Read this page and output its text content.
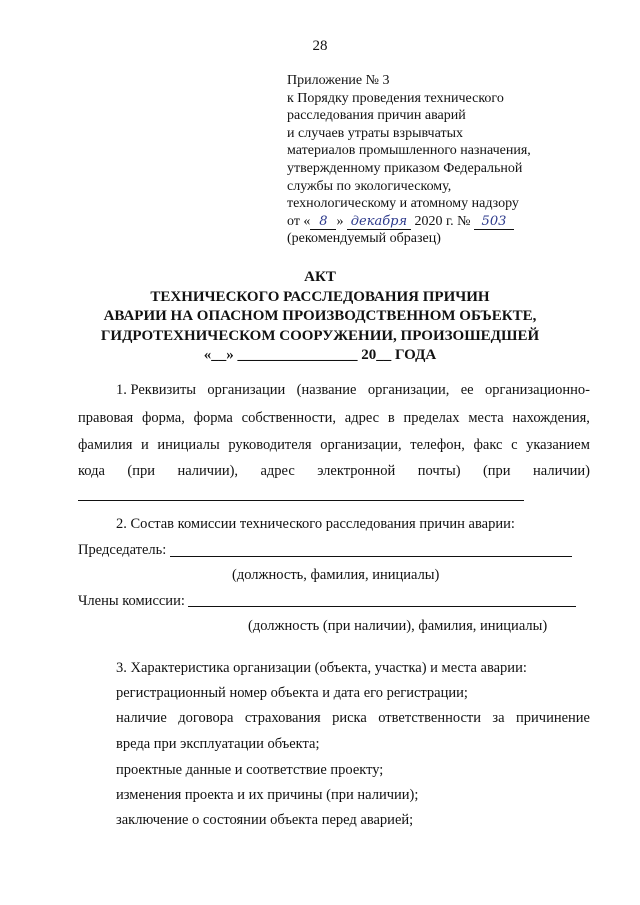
28
Приложение № 3
к Порядку проведения технического
расследования причин аварий
и случаев утраты взрывчатых
материалов промышленного назначения,
утвержденному приказом Федеральной
службы по экологическому,
технологическому и атомному надзору
от « 8 » декабря 2020 г. № 503
(рекомендуемый образец)
АКТ
ТЕХНИЧЕСКОГО РАССЛЕДОВАНИЯ ПРИЧИН
АВАРИИ НА ОПАСНОМ ПРОИЗВОДСТВЕННОМ ОБЪЕКТЕ,
ГИДРОТЕХНИЧЕСКОМ СООРУЖЕНИИ, ПРОИЗОШЕДШЕЙ
«__» ________________ 20__ ГОДА
1. Реквизиты организации (название организации, ее организационно-
правовая форма, форма собственности, адрес в пределах места нахождения,
фамилия и инициалы руководителя организации, телефон, факс с указанием
кода (при наличии), адрес электронной почты) (при наличии)
2. Состав комиссии технического расследования причин аварии:
Председатель:
(должность, фамилия, инициалы)
Члены комиссии:
(должность (при наличии), фамилия, инициалы)
3. Характеристика организации (объекта, участка) и места аварии:
регистрационный номер объекта и дата его регистрации;
наличие договора страхования риска ответственности за причинение
вреда при эксплуатации объекта;
проектные данные и соответствие проекту;
изменения проекта и их причины (при наличии);
заключение о состоянии объекта перед аварией;
